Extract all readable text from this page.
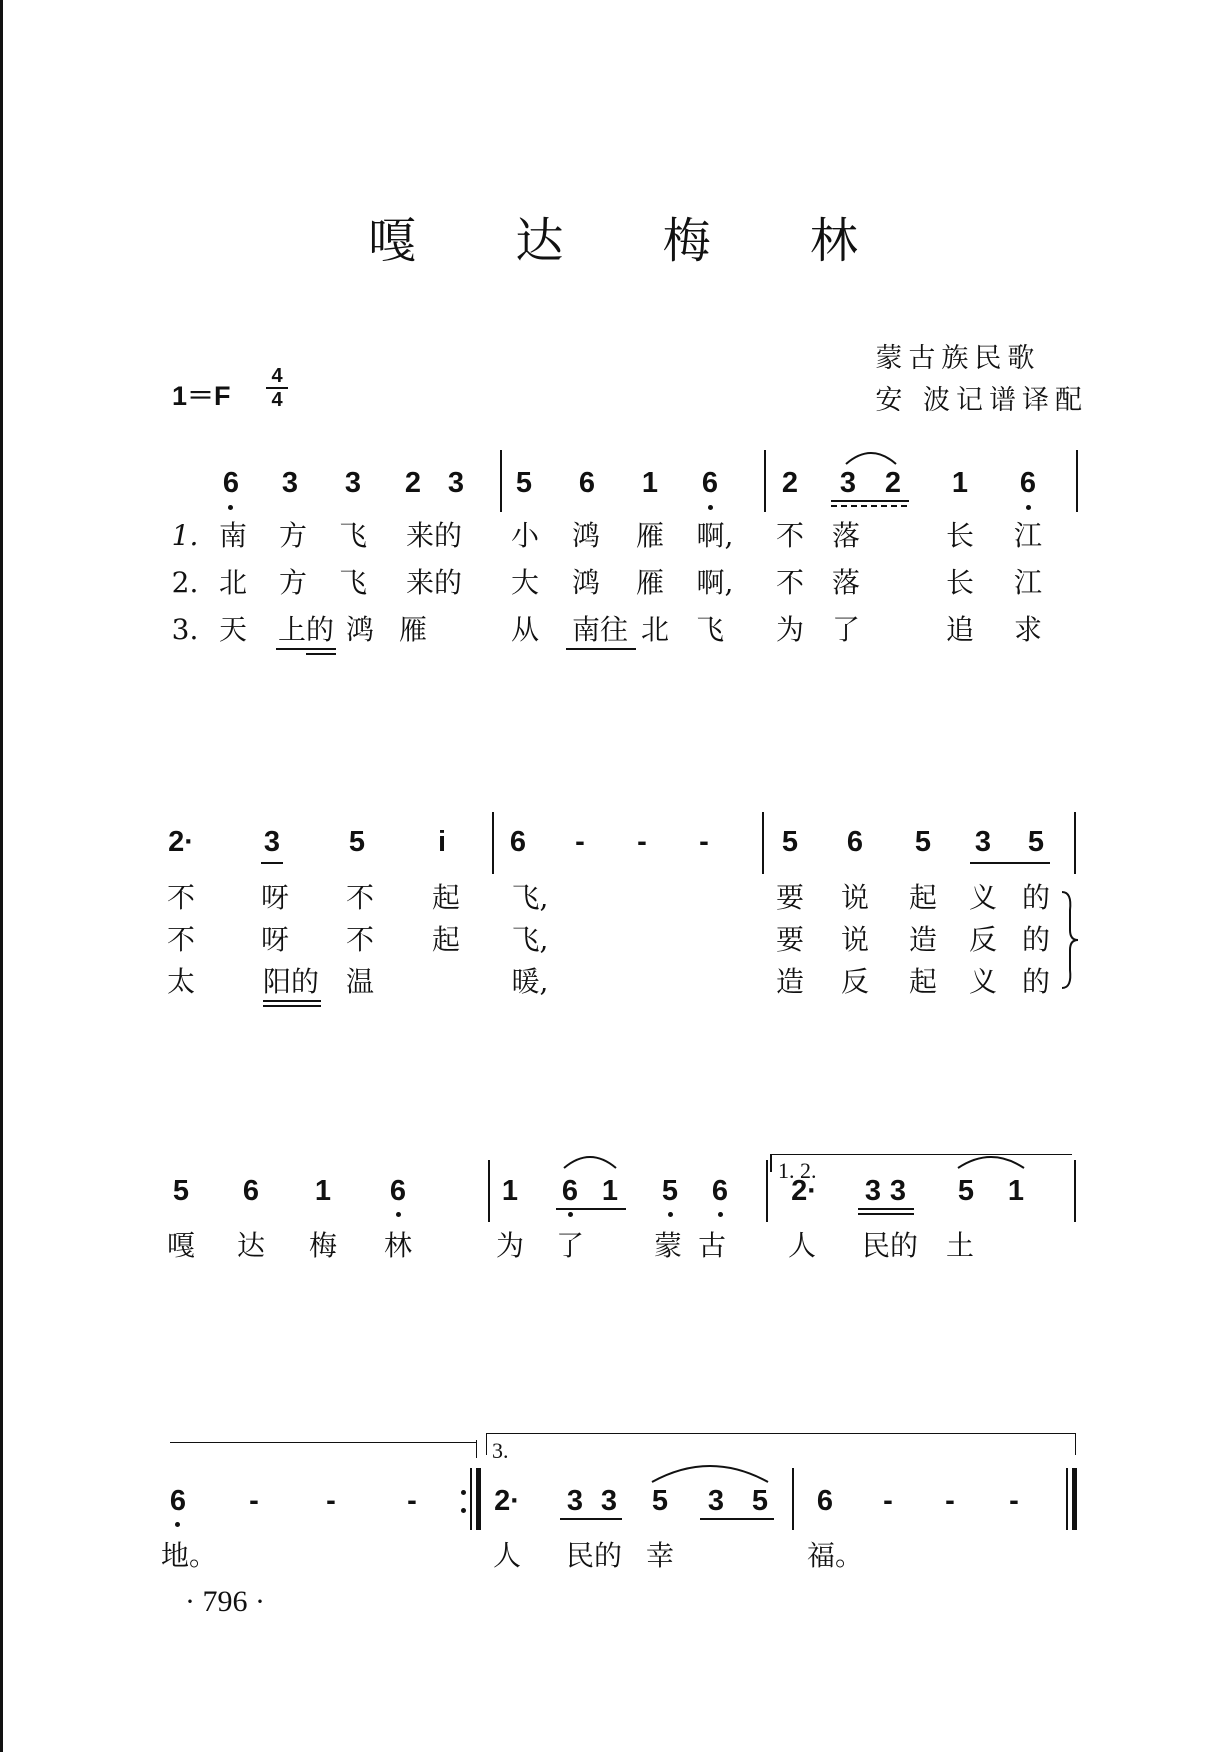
嘎 达 梅 林
蒙古族民歌
安 波记谱译配
1＝F
4
4
6	3	3	2 3	5	6	1	6	2	3 2	1	6
1. 南 方 飞	来的	小 鸿 雁	啊,	不 落	长 江
2. 北 方 飞	来的	大 鸿 雁	啊,	不 落	长 江
3. 天 上的 鸿 雁	从 南往 北 飞 为 了	追 求
2·	3	5	i	6	-	-	-	5	6	5	3	5
不 呀 不 起	飞,	要 说 起 义 的
不 呀 不 起	飞,	要 说 造 反 的
太 阳的 温	暖,	造 反 起 义 的
1. 2.
5	6	1	6	1	6 1	5	6	2·	3 3	5	1
嘎 达 梅 林	为 了 蒙 古 人 民的 土
3.
6	-	-	-	2·	3 3	5	3 5	6	-	-	-
地。	人 民的 幸	福。
· 796 ·
